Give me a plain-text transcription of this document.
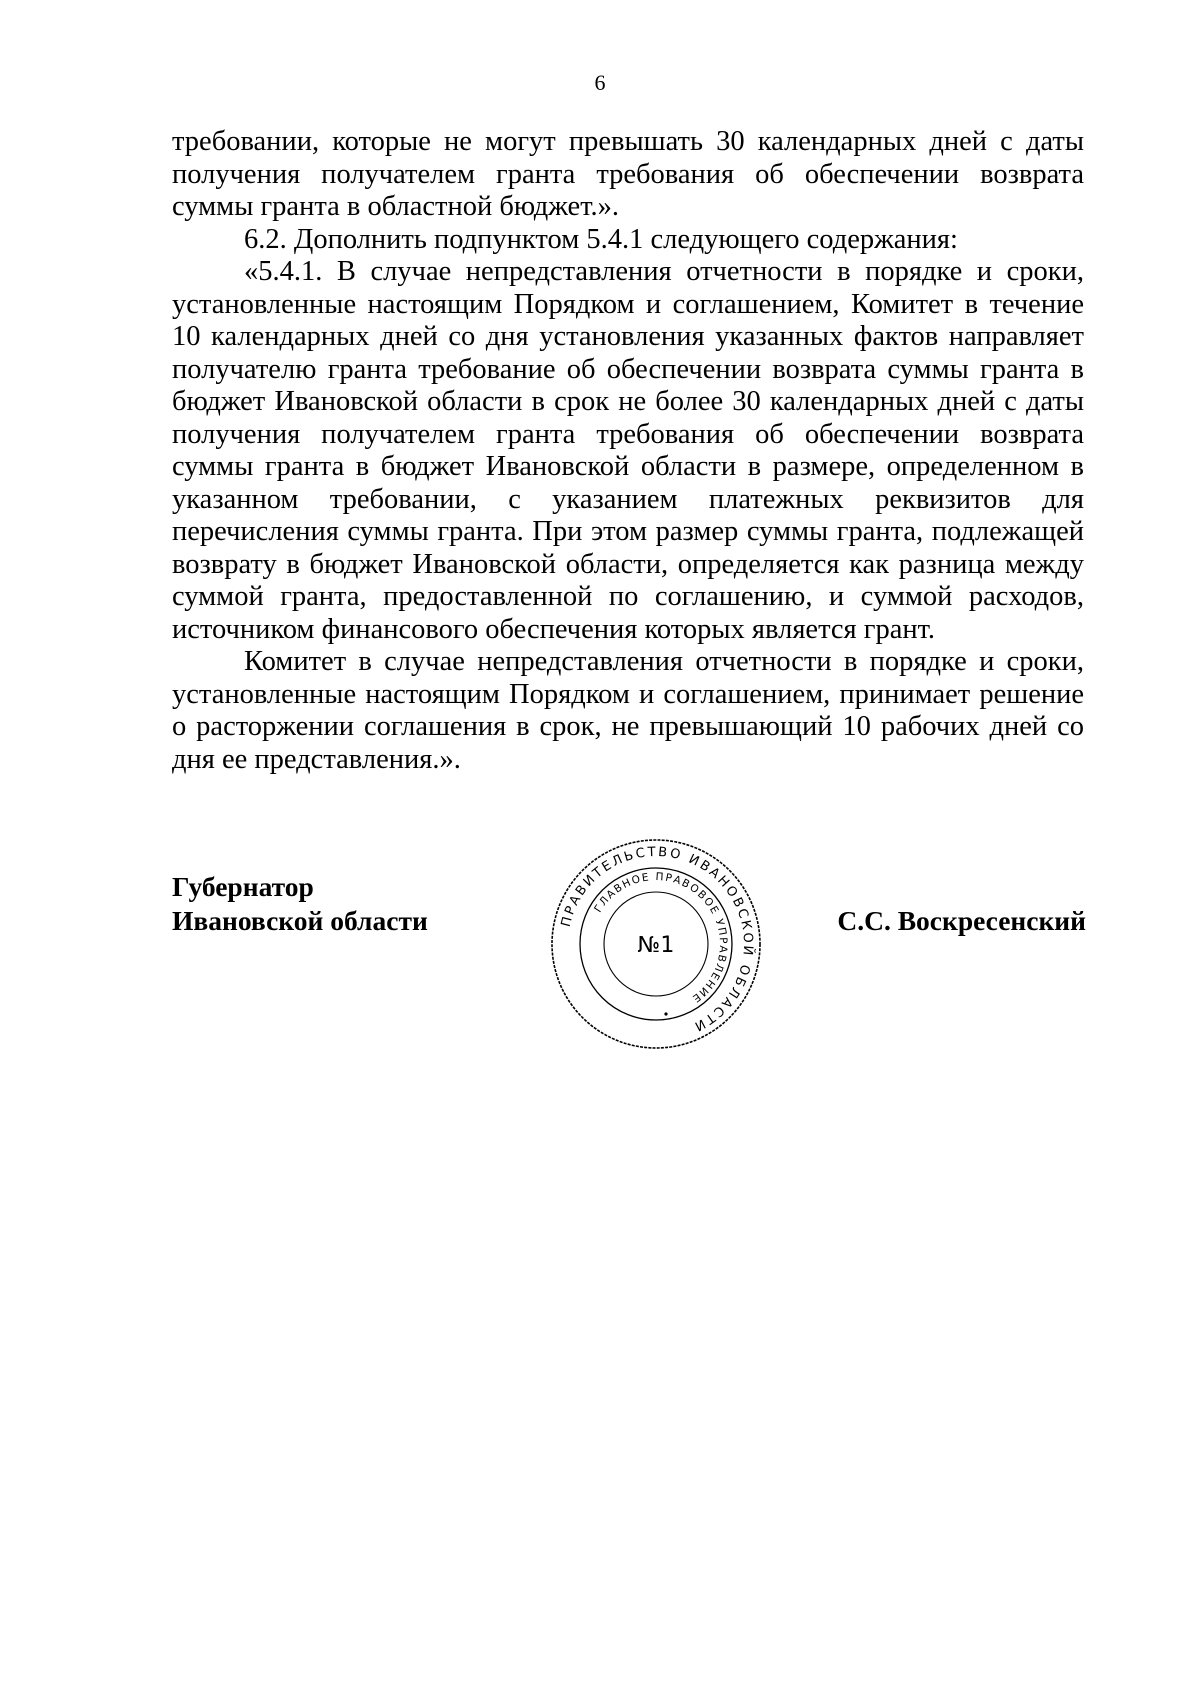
6

требовании, которые не могут превышать 30 календарных дней с даты получения получателем гранта требования об обеспечении возврата суммы гранта в областной бюджет.».

6.2. Дополнить подпунктом 5.4.1 следующего содержания:

«5.4.1. В случае непредставления отчетности в порядке и сроки, установленные настоящим Порядком и соглашением, Комитет в течение 10 календарных дней со дня установления указанных фактов направляет получателю гранта требование об обеспечении возврата суммы гранта в бюджет Ивановской области в срок не более 30 календарных дней с даты получения получателем гранта требования об обеспечении возврата суммы гранта в бюджет Ивановской области в размере, определенном в указанном требовании, с указанием платежных реквизитов для перечисления суммы гранта. При этом размер суммы гранта, подлежащей возврату в бюджет Ивановской области, определяется как разница между суммой гранта, предоставленной по соглашению, и суммой расходов, источником финансового обеспечения которых является грант.

Комитет в случае непредставления отчетности в порядке и сроки, установленные настоящим Порядком и соглашением, принимает решение о расторжении соглашения в срок, не превышающий 10 рабочих дней со дня ее представления.».

Губернатор
Ивановской области	ПРАВИТЕЛЬСТВО ИВАНОВСКОЙ ОБЛАСТИ
ГЛАВНОЕ ПРАВОВОЕ УПРАВЛЕНИЕ
№1
С.С. Воскресенский
